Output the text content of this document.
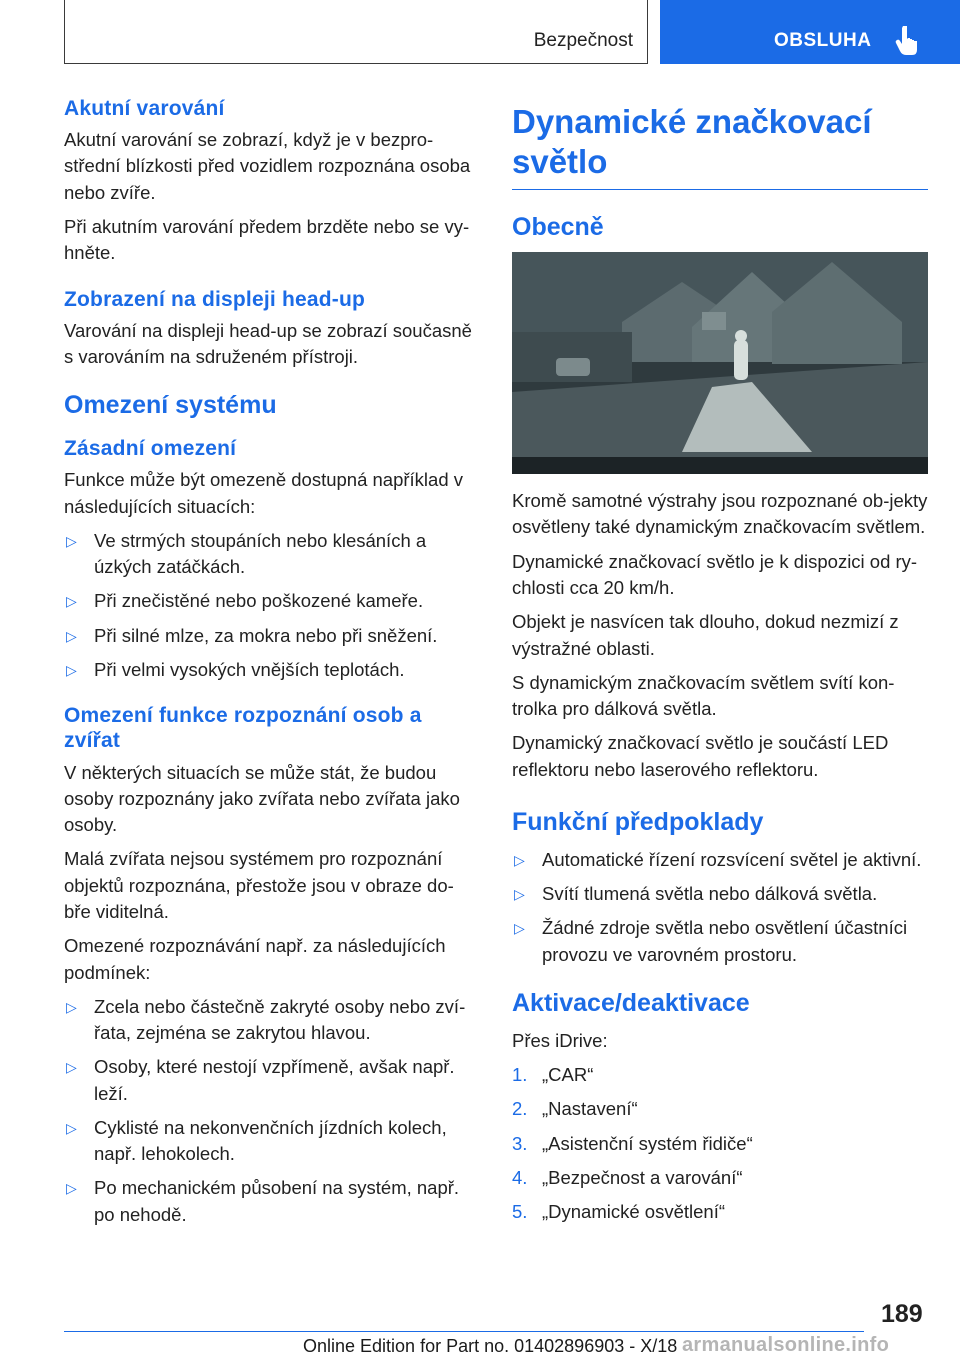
Bezpečnost	OBSLUHA
Akutní varování

Akutní varování se zobrazí, když je v bezpro-střední blízkosti před vozidlem rozpoznána osoba nebo zvíře.

Při akutním varování předem brzděte nebo se vy-hněte.

Zobrazení na displeji head-up

Varování na displeji head-up se zobrazí současně s varováním na sdruženém přístroji.

Omezení systému
Zásadní omezení

Funkce může být omezeně dostupná například v následujících situacích:

▷ Ve strmých stoupáních nebo klesáních a úzkých zatáčkách.
▷ Při znečistěné nebo poškozené kameře.
▷ Při silné mlze, za mokra nebo při sněžení.
▷ Při velmi vysokých vnějších teplotách.
Omezení funkce rozpoznání osob a zvířat

V některých situacích se může stát, že budou osoby rozpoznány jako zvířata nebo zvířata jako osoby.

Malá zvířata nejsou systémem pro rozpoznání objektů rozpoznána, přestože jsou v obraze do-bře viditelná.

Omezené rozpoznávání např. za následujících podmínek:

▷ Zcela nebo částečně zakryté osoby nebo zví-řata, zejména se zakrytou hlavou.
▷ Osoby, které nestojí vzpřímeně, avšak např. leží.
▷ Cyklisté na nekonvenčních jízdních kolech, např. lehokolech.
▷ Po mechanickém působení na systém, např. po nehodě.
Dynamické značkovací světlo
Obecně

Kromě samotné výstrahy jsou rozpoznané ob-jekty osvětleny také dynamickým značkovacím světlem.

Dynamické značkovací světlo je k dispozici od ry-chlosti cca 20 km/h.

Objekt je nasvícen tak dlouho, dokud nezmizí z výstražné oblasti.

S dynamickým značkovacím světlem svítí kon-trolka pro dálková světla.

Dynamický značkovací světlo je součástí LED reflektoru nebo laserového reflektoru.

Funkční předpoklady
▷ Automatické řízení rozsvícení světel je aktivní.
▷ Svítí tlumená světla nebo dálková světla.
▷ Žádné zdroje světla nebo osvětlení účastníci provozu ve varovném prostoru.
Aktivace/deaktivace

Přes iDrive:

1. „CAR“
2. „Nastavení“
3. „Asistenční systém řidiče“
4. „Bezpečnost a varování“
5. „Dynamické osvětlení“
189
Online Edition for Part no. 01402896903 - X/18 armanualsonline.info
